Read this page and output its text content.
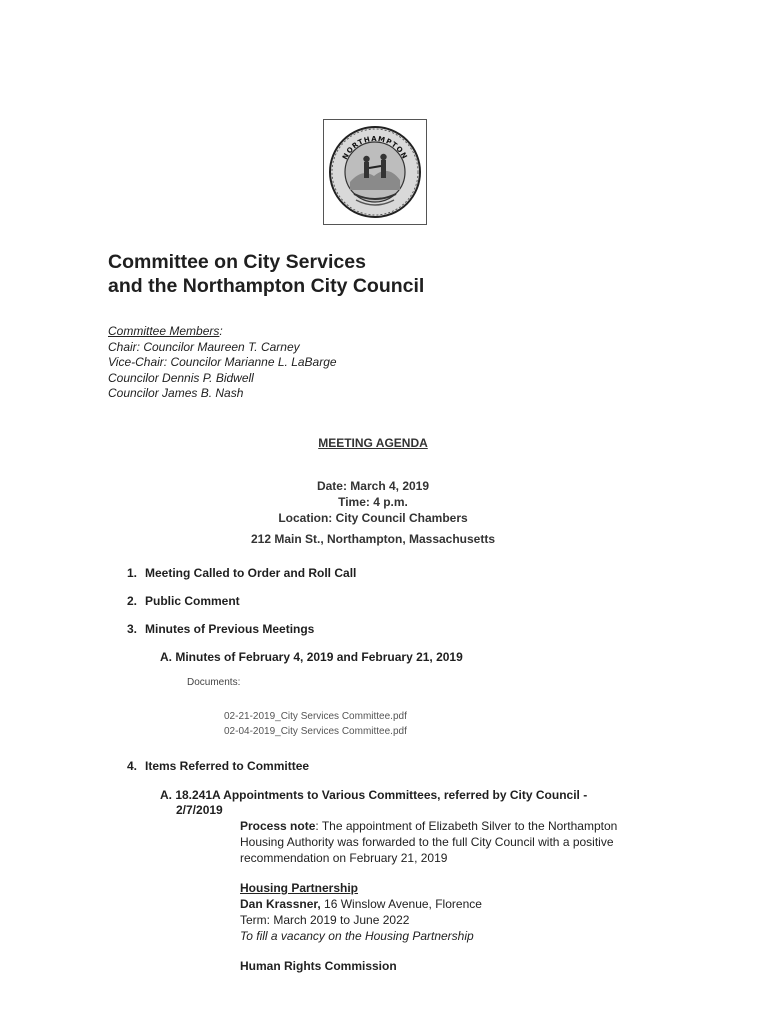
NORTHAMPTON
Committee on City Services
and the Northampton City Council
Committee Members:
Chair: Councilor Maureen T. Carney
Vice-Chair: Councilor Marianne L. LaBarge
Councilor Dennis P. Bidwell
Councilor James B. Nash
MEETING AGENDA
Date: March 4, 2019
Time: 4 p.m.
Location: City Council Chambers
212 Main St., Northampton, Massachusetts
1. Meeting Called to Order and Roll Call
2. Public Comment
3. Minutes of Previous Meetings
A. Minutes of February 4, 2019 and February 21, 2019
Documents:
02-21-2019_City Services Committee.pdf
02-04-2019_City Services Committee.pdf
4. Items Referred to Committee
A. 18.241A Appointments to Various Committees, referred by City Council - 2/7/2019
Process note: The appointment of Elizabeth Silver to the Northampton Housing Authority was forwarded to the full City Council with a positive recommendation on February 21, 2019
Housing Partnership
Dan Krassner, 16 Winslow Avenue, Florence
Term: March 2019 to June 2022
To fill a vacancy on the Housing Partnership
Human Rights Commission
